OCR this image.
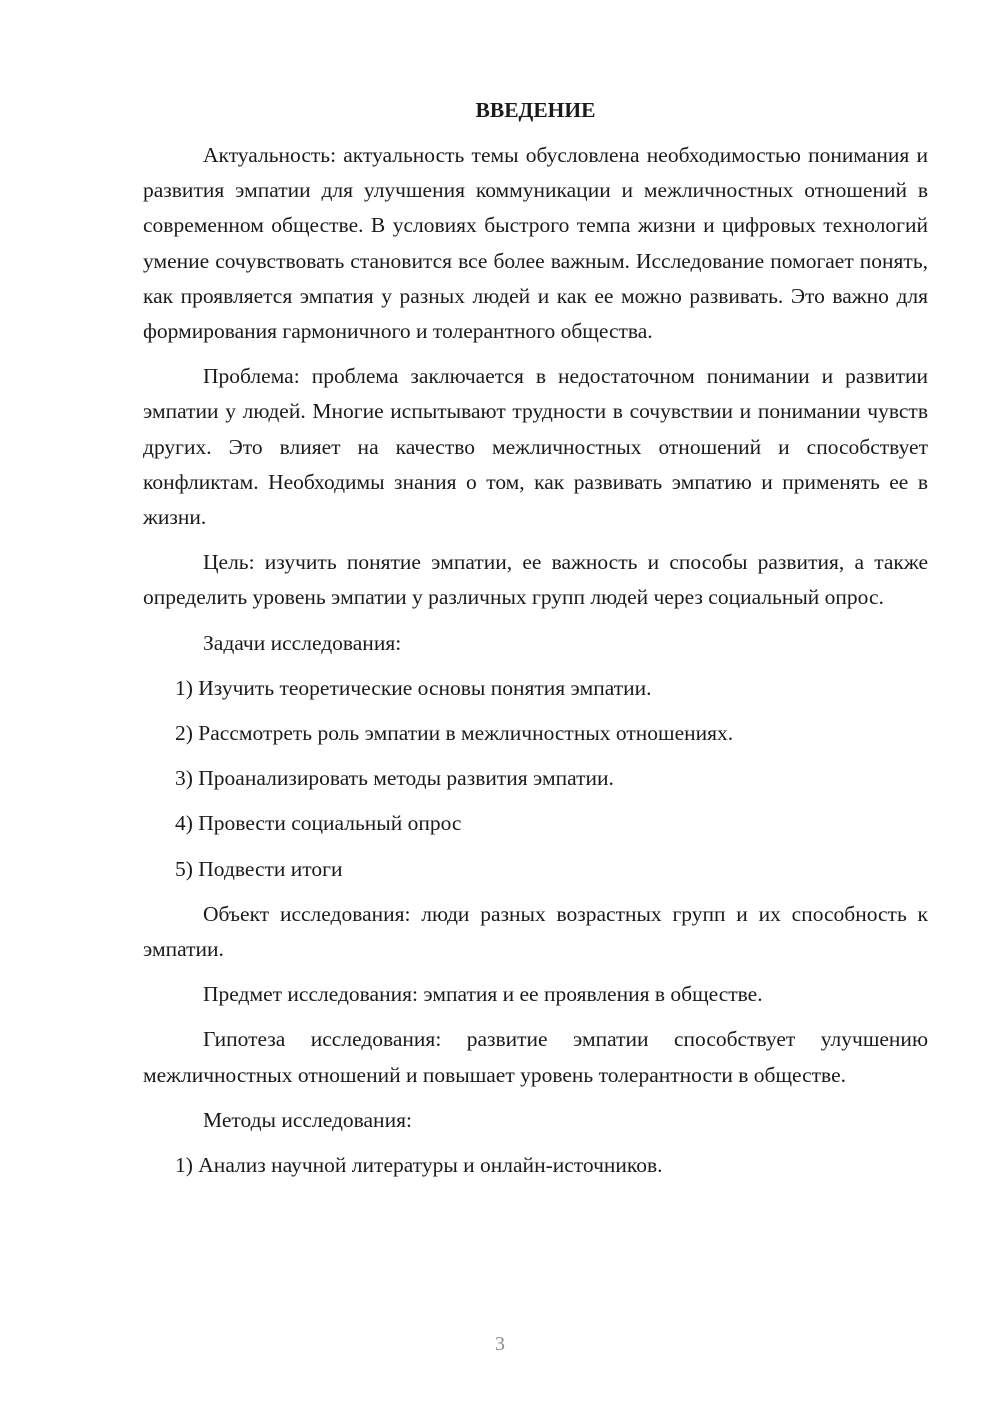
ВВЕДЕНИЕ

Актуальность: актуальность темы обусловлена необходимостью понимания и развития эмпатии для улучшения коммуникации и межличностных отношений в современном обществе. В условиях быстрого темпа жизни и цифровых технологий умение сочувствовать становится все более важным. Исследование помогает понять, как проявляется эмпатия у разных людей и как ее можно развивать. Это важно для формирования гармоничного и толерантного общества.

Проблема: проблема заключается в недостаточном понимании и развитии эмпатии у людей. Многие испытывают трудности в сочувствии и понимании чувств других. Это влияет на качество межличностных отношений и способствует конфликтам. Необходимы знания о том, как развивать эмпатию и применять ее в жизни.

Цель: изучить понятие эмпатии, ее важность и способы развития, а также определить уровень эмпатии у различных групп людей через социальный опрос.

Задачи исследования:

1) Изучить теоретические основы понятия эмпатии.
2) Рассмотреть роль эмпатии в межличностных отношениях.
3) Проанализировать методы развития эмпатии.
4) Провести социальный опрос
5) Подвести итоги

Объект исследования: люди разных возрастных групп и их способность к эмпатии.

Предмет исследования: эмпатия и ее проявления в обществе.

Гипотеза исследования: развитие эмпатии способствует улучшению межличностных отношений и повышает уровень толерантности в обществе.

Методы исследования:

1) Анализ научной литературы и онлайн-источников.
3
